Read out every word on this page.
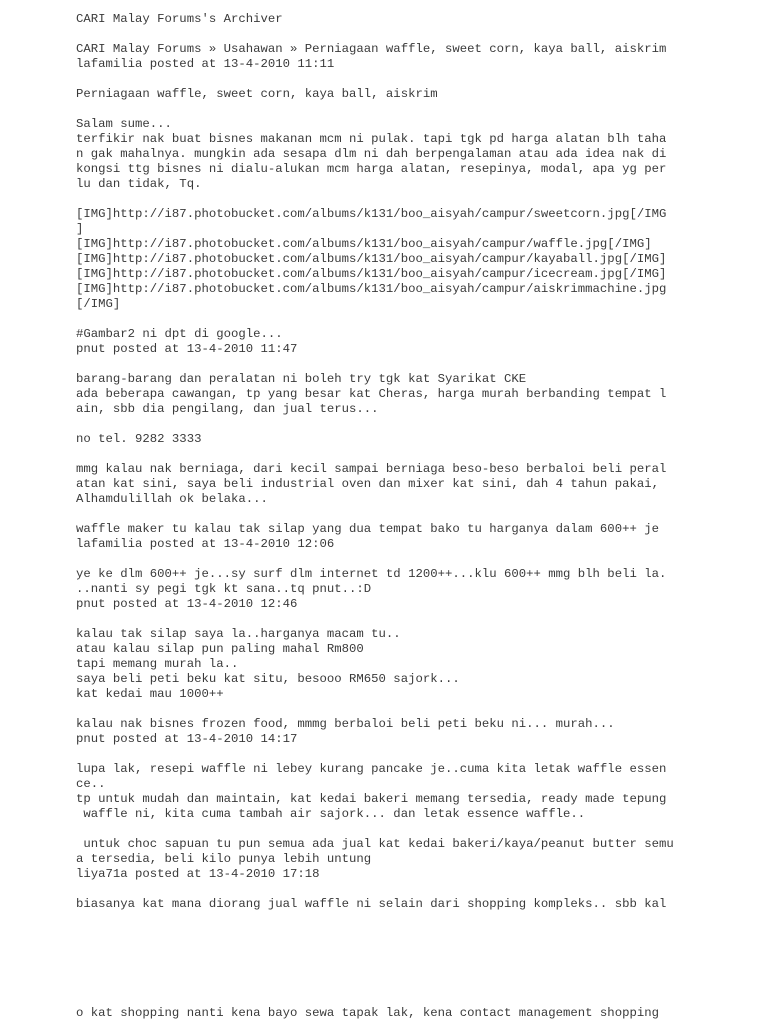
CARI Malay Forums's Archiver
CARI Malay Forums » Usahawan » Perniagaan waffle, sweet corn, kaya ball, aiskrim
lafamilia posted at 13-4-2010 11:11
Perniagaan waffle, sweet corn, kaya ball, aiskrim
Salam sume...
terfikir nak buat bisnes makanan mcm ni pulak. tapi tgk pd harga alatan blh taha
n gak mahalnya. mungkin ada sesapa dlm ni dah berpengalaman atau ada idea nak di
kongsi ttg bisnes ni dialu-alukan mcm harga alatan, resepinya, modal, apa yg per
lu dan tidak, Tq.
[IMG]http://i87.photobucket.com/albums/k131/boo_aisyah/campur/sweetcorn.jpg[/IMG
]
[IMG]http://i87.photobucket.com/albums/k131/boo_aisyah/campur/waffle.jpg[/IMG]
[IMG]http://i87.photobucket.com/albums/k131/boo_aisyah/campur/kayaball.jpg[/IMG]
[IMG]http://i87.photobucket.com/albums/k131/boo_aisyah/campur/icecream.jpg[/IMG]
[IMG]http://i87.photobucket.com/albums/k131/boo_aisyah/campur/aiskrimmachine.jpg
[/IMG]
#Gambar2 ni dpt di google...
pnut posted at 13-4-2010 11:47
barang-barang dan peralatan ni boleh try tgk kat Syarikat CKE
ada beberapa cawangan, tp yang besar kat Cheras, harga murah berbanding tempat l
ain, sbb dia pengilang, dan jual terus...
no tel. 9282 3333
mmg kalau nak berniaga, dari kecil sampai berniaga beso-beso berbaloi beli peral
atan kat sini, saya beli industrial oven dan mixer kat sini, dah 4 tahun pakai,
Alhamdulillah ok belaka...
waffle maker tu kalau tak silap yang dua tempat bako tu harganya dalam 600++ je
lafamilia posted at 13-4-2010 12:06
ye ke dlm 600++ je...sy surf dlm internet td 1200++...klu 600++ mmg blh beli la.
..nanti sy pegi tgk kt sana..tq pnut..:D
pnut posted at 13-4-2010 12:46
kalau tak silap saya la..harganya macam tu..
atau kalau silap pun paling mahal Rm800
tapi memang murah la..
saya beli peti beku kat situ, besooo RM650 sajork...
kat kedai mau 1000++
kalau nak bisnes frozen food, mmmg berbaloi beli peti beku ni... murah...
pnut posted at 13-4-2010 14:17
lupa lak, resepi waffle ni lebey kurang pancake je..cuma kita letak waffle essen
ce..
tp untuk mudah dan maintain, kat kedai bakeri memang tersedia, ready made tepung
waffle ni, kita cuma tambah air sajork... dan letak essence waffle..
untuk choc sapuan tu pun semua ada jual kat kedai bakeri/kaya/peanut butter semu
a tersedia, beli kilo punya lebih untung
liya71a posted at 13-4-2010 17:18
biasanya kat mana diorang jual waffle ni selain dari shopping kompleks.. sbb kal
o kat shopping nanti kena bayo sewa tapak lak, kena contact management shopping
